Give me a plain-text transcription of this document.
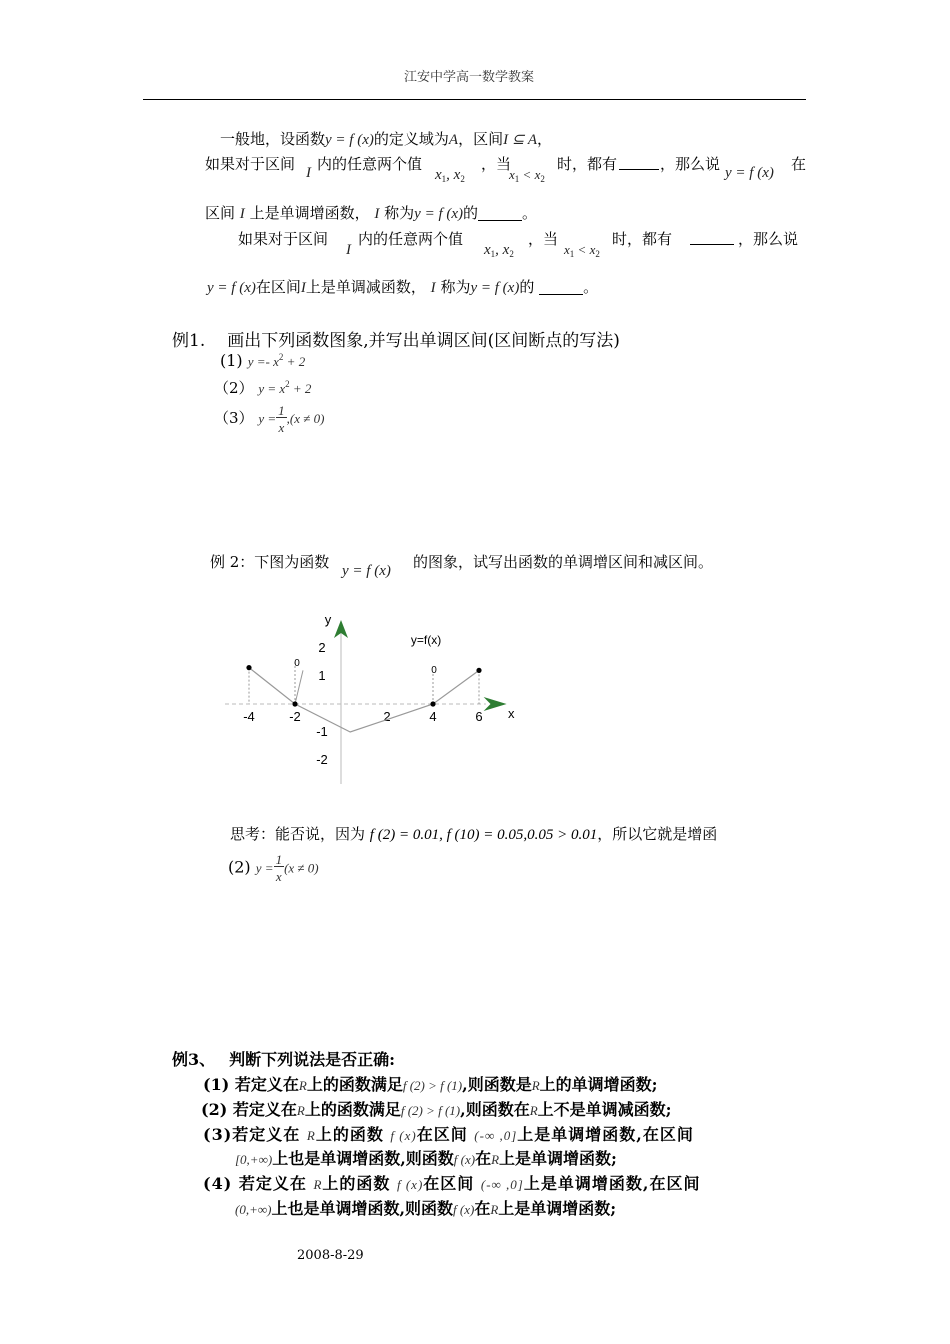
江安中学高一数学教案
一般地，设函数y = f (x)的定义域为A，区间I ⊆ A，
如果对于区间 I 内的任意两个值
$x_1$, $x_2$
，当
$x_1 < x_2$
时，都有	，那么说 y = f (x) 在
区间 I 上是单调增函数， I 称为y = f (x)的	。
如果对于区间
I
内的任意两个值
$x_1$, $x_2$
，当
$x_1 < x_2$
时，都有	，那么说
y = f (x)在区间I上是单调减函数， I 称为y = f (x)的	。
例1. 画出下列函数图象,并写出单调区间(区间断点的写法)
(1) $y =- x^2 + 2$
（2） $y = x^2 + 2$
（3） $y = \frac{1}{x} ,(x \ne 0)$
例 2：下图为函数 y = f (x) 的图象，试写出函数的单调增区间和减区间。
y
x
y=f(x)
-4	-2	2	4	6
2
1
-1
-2
0
0
思考：能否说，因为 f (2) = 0.01, f (10) = 0.05,0.05 > 0.01，所以它就是增函
(2) $y = \frac{1}{x} (x \ne 0)$
例3、 判断下列说法是否正确:
(1) 若定义在R上的函数满足f (2) > f (1),则函数是R上的单调增函数;
(2) 若定义在R上的函数满足f (2) > f (1),则函数在R上不是单调减函数;
(3)若定义在 R上的函数 f (x)在区间 (-∞ ,0]上是单调增函数,在区间
[0,+∞)上也是单调增函数,则函数f (x)在R上是单调增函数;
(4) 若定义在 R上的函数 f (x)在区间 (-∞ ,0]上是单调增函数,在区间
(0,+∞)上也是单调增函数,则函数f (x)在R上是单调增函数;
2008-8-29
